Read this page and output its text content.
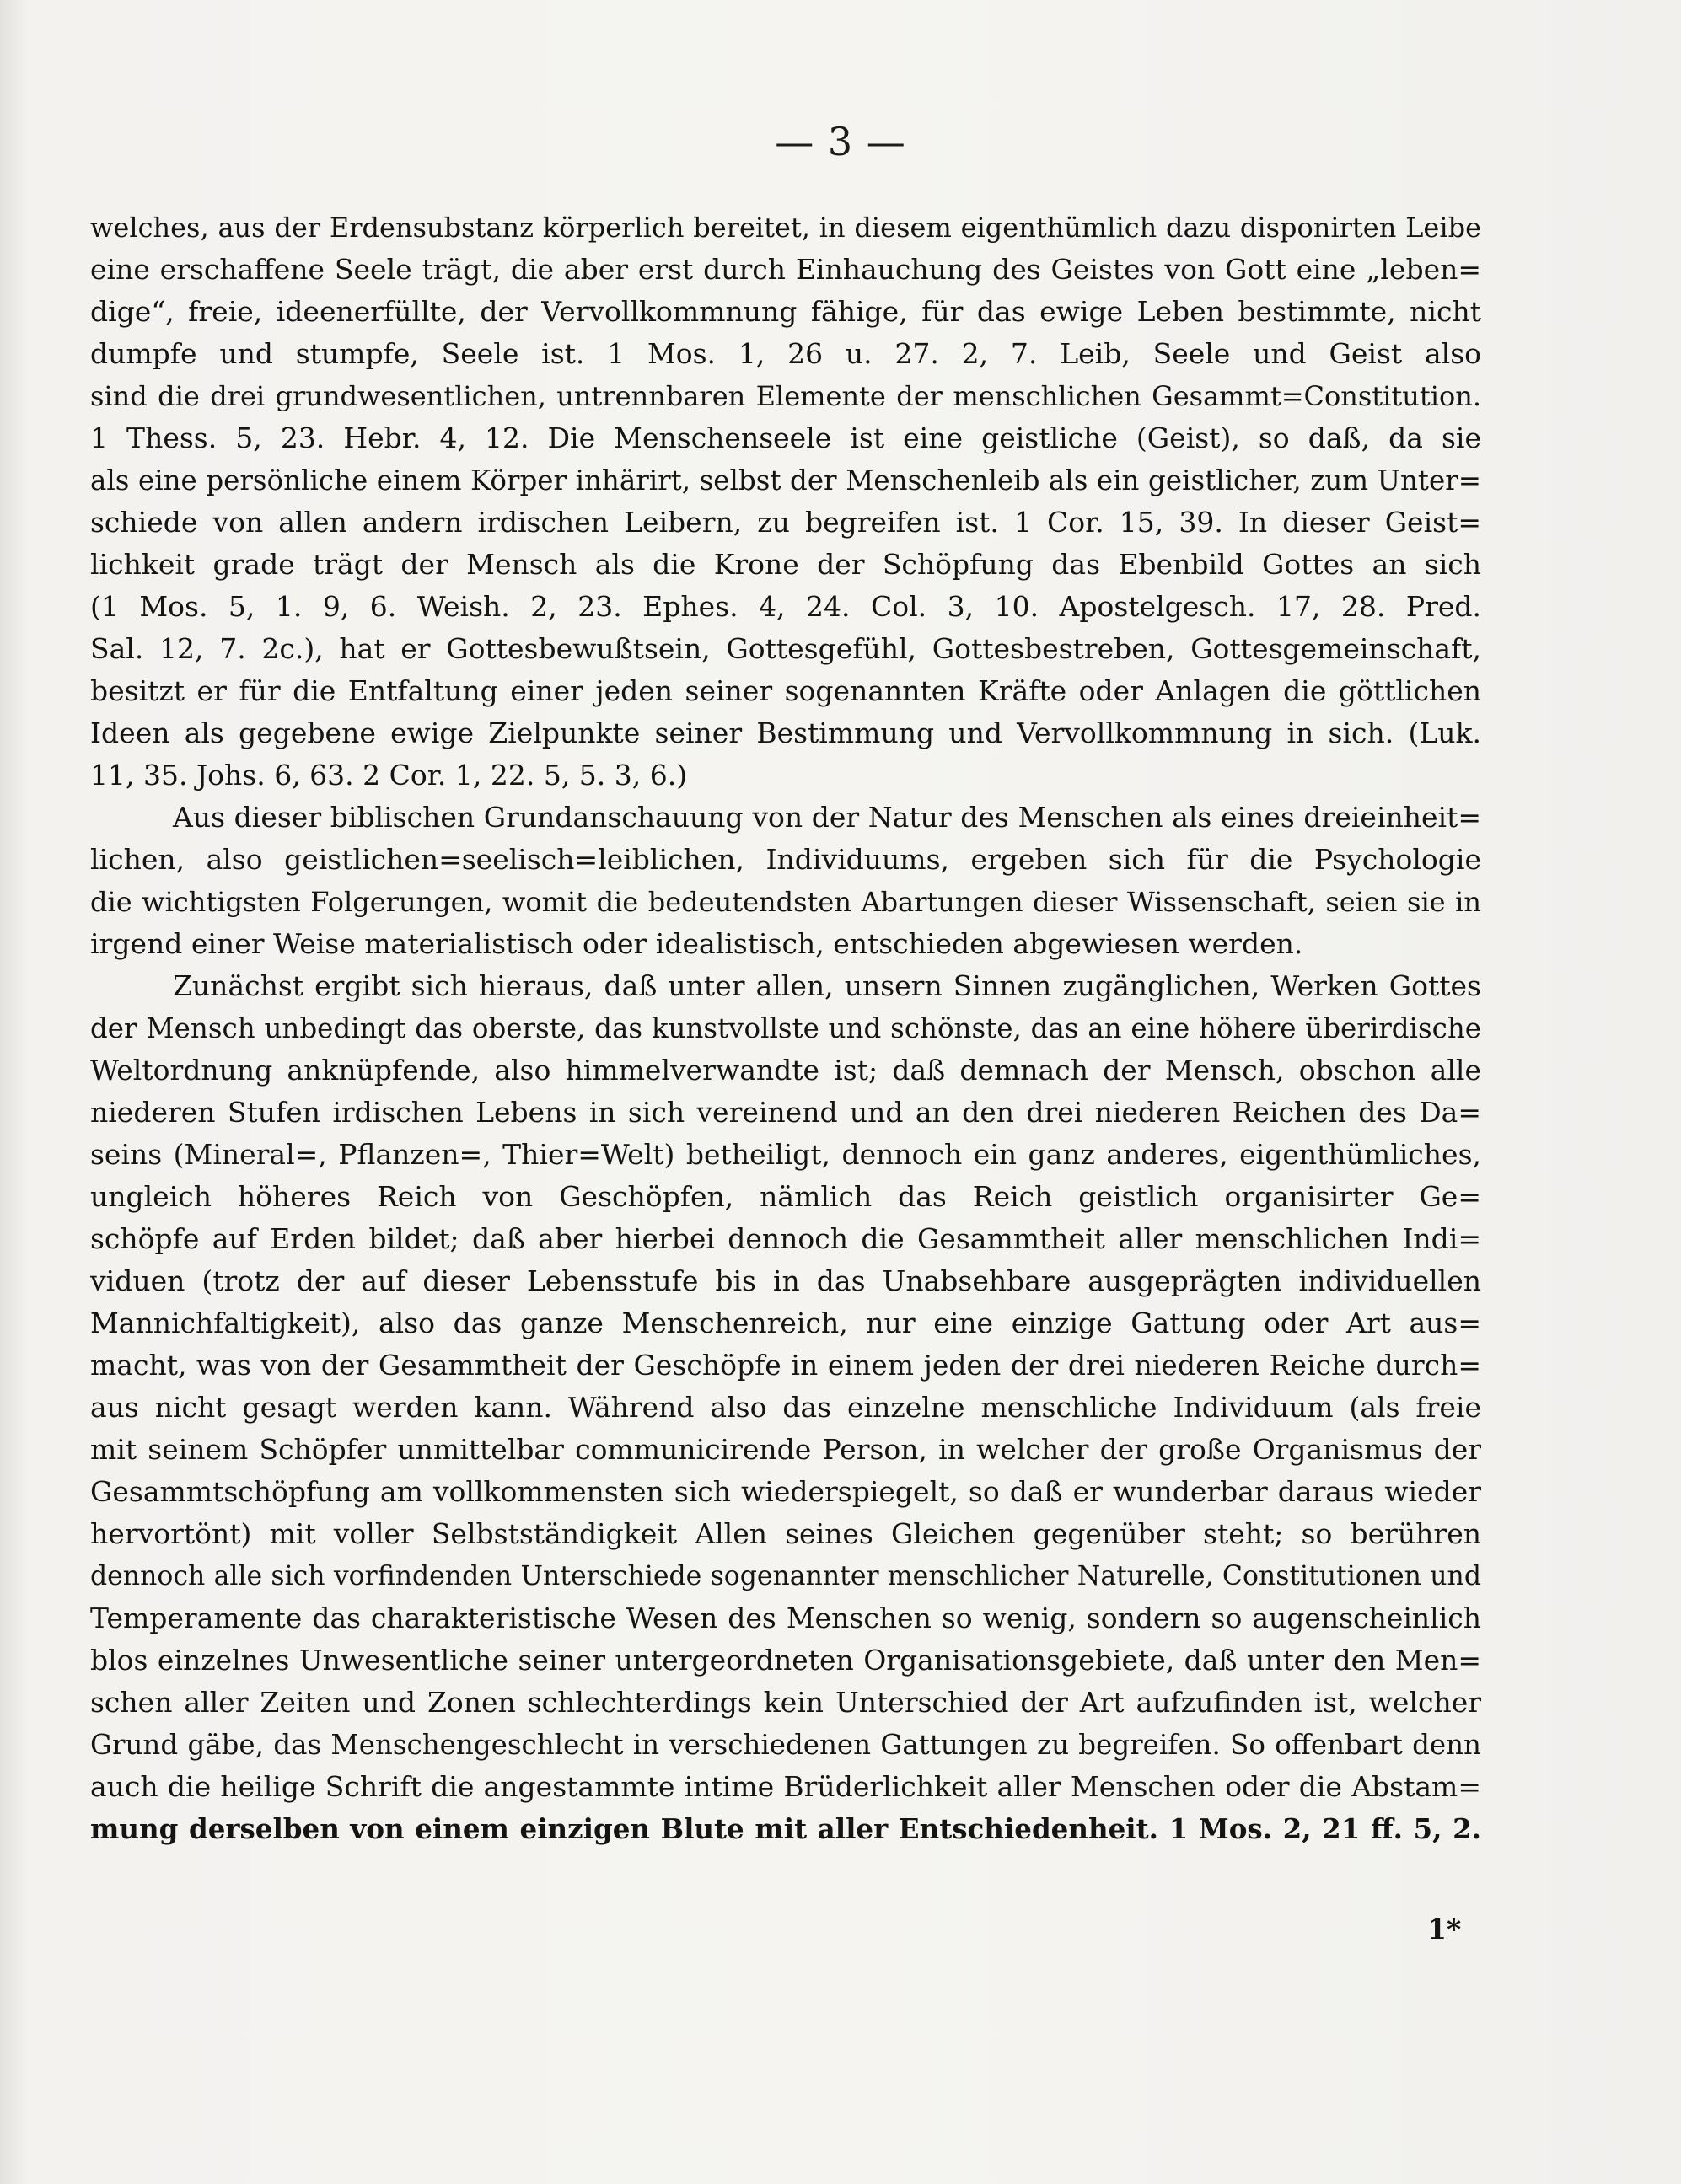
— 3 —
welches, aus der Erdensubstanz körperlich bereitet, in diesem eigenthümlich dazu disponirten Leibe
eine erschaffene Seele trägt, die aber erst durch Einhauchung des Geistes von Gott eine „leben=
dige“, freie, ideenerfüllte, der Vervollkommnung fähige, für das ewige Leben bestimmte, nicht
dumpfe und stumpfe, Seele ist. 1 Mos. 1, 26 u. 27. 2, 7. Leib, Seele und Geist also
sind die drei grundwesentlichen, untrennbaren Elemente der menschlichen Gesammt=Constitution.
1 Thess. 5, 23. Hebr. 4, 12. Die Menschenseele ist eine geistliche (Geist), so daß, da sie
als eine persönliche einem Körper inhärirt, selbst der Menschenleib als ein geistlicher, zum Unter=
schiede von allen andern irdischen Leibern, zu begreifen ist. 1 Cor. 15, 39. In dieser Geist=
lichkeit grade trägt der Mensch als die Krone der Schöpfung das Ebenbild Gottes an sich
(1 Mos. 5, 1. 9, 6. Weish. 2, 23. Ephes. 4, 24. Col. 3, 10. Apostelgesch. 17, 28. Pred.
Sal. 12, 7. 2c.), hat er Gottesbewußtsein, Gottesgefühl, Gottesbestreben, Gottesgemeinschaft,
besitzt er für die Entfaltung einer jeden seiner sogenannten Kräfte oder Anlagen die göttlichen
Ideen als gegebene ewige Zielpunkte seiner Bestimmung und Vervollkommnung in sich. (Luk.
11, 35. Johs. 6, 63. 2 Cor. 1, 22. 5, 5. 3, 6.)
Aus dieser biblischen Grundanschauung von der Natur des Menschen als eines dreieinheit=
lichen, also geistlichen=seelisch=leiblichen, Individuums, ergeben sich für die Psychologie
die wichtigsten Folgerungen, womit die bedeutendsten Abartungen dieser Wissenschaft, seien sie in
irgend einer Weise materialistisch oder idealistisch, entschieden abgewiesen werden.
Zunächst ergibt sich hieraus, daß unter allen, unsern Sinnen zugänglichen, Werken Gottes
der Mensch unbedingt das oberste, das kunstvollste und schönste, das an eine höhere überirdische
Weltordnung anknüpfende, also himmelverwandte ist; daß demnach der Mensch, obschon alle
niederen Stufen irdischen Lebens in sich vereinend und an den drei niederen Reichen des Da=
seins (Mineral=, Pflanzen=, Thier=Welt) betheiligt, dennoch ein ganz anderes, eigenthümliches,
ungleich höheres Reich von Geschöpfen, nämlich das Reich geistlich organisirter Ge=
schöpfe auf Erden bildet; daß aber hierbei dennoch die Gesammtheit aller menschlichen Indi=
viduen (trotz der auf dieser Lebensstufe bis in das Unabsehbare ausgeprägten individuellen
Mannichfaltigkeit), also das ganze Menschenreich, nur eine einzige Gattung oder Art aus=
macht, was von der Gesammtheit der Geschöpfe in einem jeden der drei niederen Reiche durch=
aus nicht gesagt werden kann. Während also das einzelne menschliche Individuum (als freie
mit seinem Schöpfer unmittelbar communicirende Person, in welcher der große Organismus der
Gesammtschöpfung am vollkommensten sich wiederspiegelt, so daß er wunderbar daraus wieder
hervortönt) mit voller Selbstständigkeit Allen seines Gleichen gegenüber steht; so berühren
dennoch alle sich vorfindenden Unterschiede sogenannter menschlicher Naturelle, Constitutionen und
Temperamente das charakteristische Wesen des Menschen so wenig, sondern so augenscheinlich
blos einzelnes Unwesentliche seiner untergeordneten Organisationsgebiete, daß unter den Men=
schen aller Zeiten und Zonen schlechterdings kein Unterschied der Art aufzufinden ist, welcher
Grund gäbe, das Menschengeschlecht in verschiedenen Gattungen zu begreifen. So offenbart denn
auch die heilige Schrift die angestammte intime Brüderlichkeit aller Menschen oder die Abstam=
mung derselben von einem einzigen Blute mit aller Entschiedenheit. 1 Mos. 2, 21 ff. 5, 2.
1*
